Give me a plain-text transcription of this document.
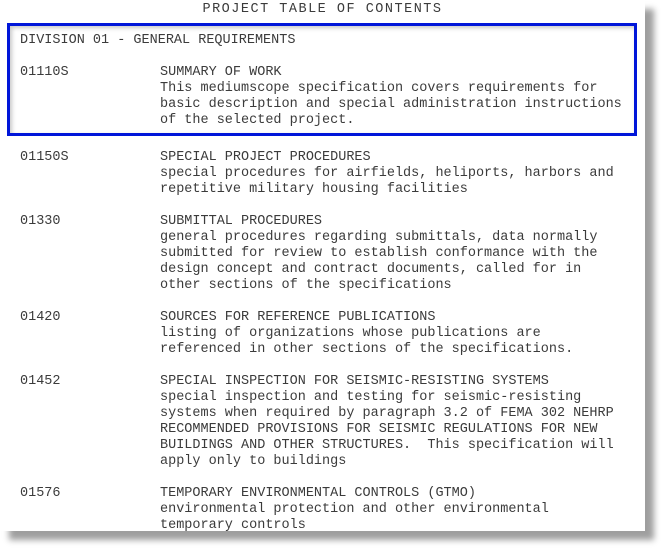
PROJECT TABLE OF CONTENTS
DIVISION 01 - GENERAL REQUIREMENTS
01110S	SUMMARY OF WORK
This mediumscope specification covers requirements for
basic description and special administration instructions
of the selected project.
01150S	SPECIAL PROJECT PROCEDURES
special procedures for airfields, heliports, harbors and
repetitive military housing facilities
01330	SUBMITTAL PROCEDURES
general procedures regarding submittals, data normally
submitted for review to establish conformance with the
design concept and contract documents, called for in
other sections of the specifications
01420	SOURCES FOR REFERENCE PUBLICATIONS
listing of organizations whose publications are
referenced in other sections of the specifications.
01452	SPECIAL INSPECTION FOR SEISMIC-RESISTING SYSTEMS
special inspection and testing for seismic-resisting
systems when required by paragraph 3.2 of FEMA 302 NEHRP
RECOMMENDED PROVISIONS FOR SEISMIC REGULATIONS FOR NEW
BUILDINGS AND OTHER STRUCTURES.  This specification will
apply only to buildings
01576	TEMPORARY ENVIRONMENTAL CONTROLS (GTMO)
environmental protection and other environmental
temporary controls
